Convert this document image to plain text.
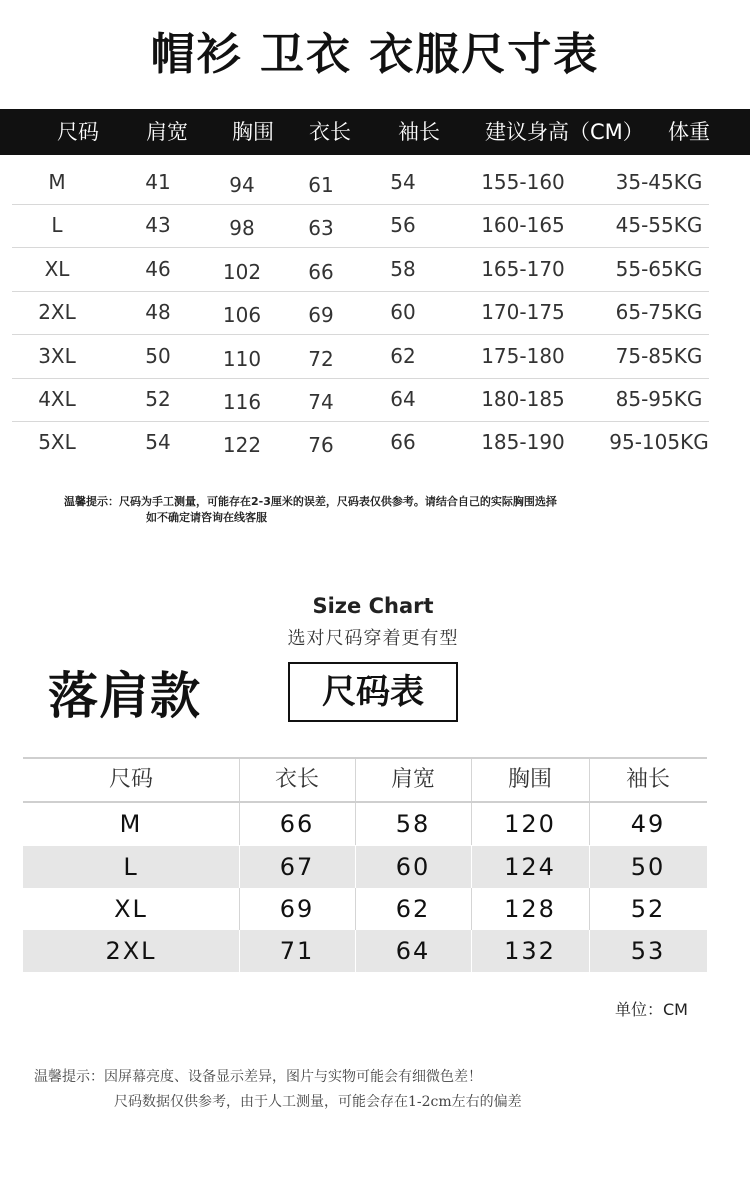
帽衫 卫衣 衣服尺寸表
尺码 肩宽 胸围 衣长 袖长 建议身高（CM） 体重
M	41	94	61	54	155-160	35-45KG
L	43	98	63	56	160-165	45-55KG
XL	46	102	66	58	165-170	55-65KG
2XL	48	106	69	60	170-175	65-75KG
3XL	50	110	72	62	175-180	75-85KG
4XL	52	116	74	64	180-185	85-95KG
5XL	54	122	76	66	185-190	95-105KG
温馨提示：尺码为手工测量，可能存在2-3厘米的误差，尺码表仅供参考。请结合自己的实际胸围选择
如不确定请咨询在线客服
Size Chart
选对尺码穿着更有型
落肩款	尺码表
尺码	衣长	肩宽	胸围	袖长
M	66	58	120	49
L	67	60	124	50
XL	69	62	128	52
2XL	71	64	132	53
单位：CM
温馨提示：因屏幕亮度、设备显示差异，图片与实物可能会有细微色差！
尺码数据仅供参考，由于人工测量，可能会存在1-2cm左右的偏差
